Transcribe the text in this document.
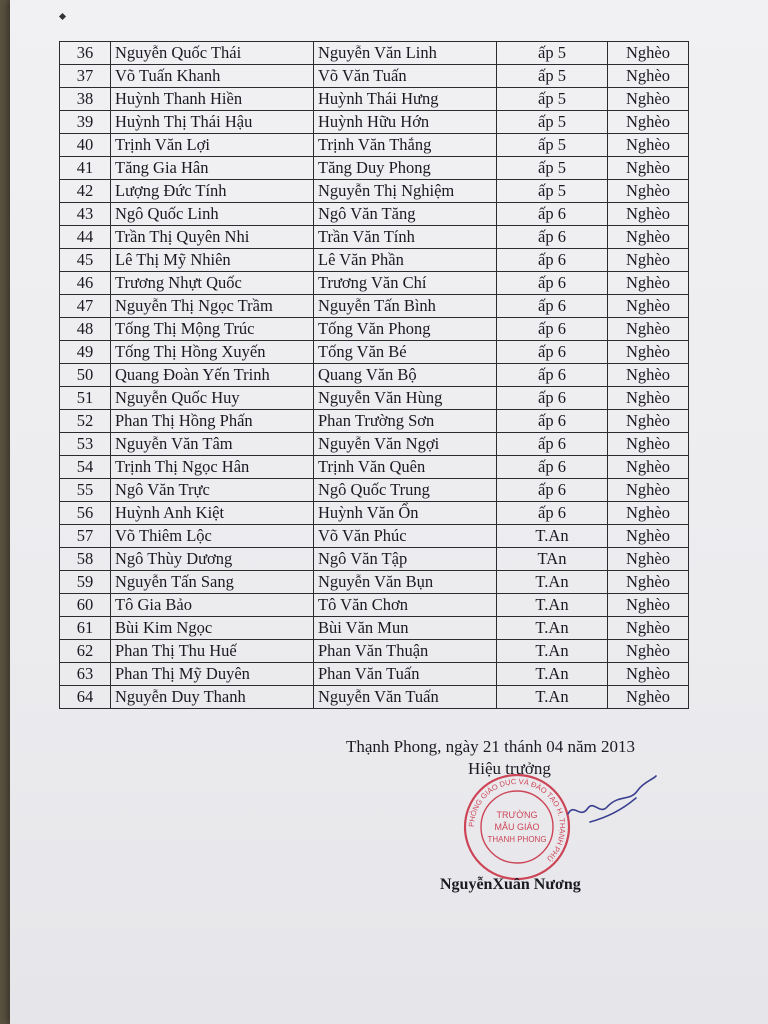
36	Nguyễn Quốc Thái	Nguyễn Văn Linh	ấp 5	Nghèo
37	Võ Tuấn Khanh	Võ Văn Tuấn	ấp 5	Nghèo
38	Huỳnh Thanh Hiền	Huỳnh Thái Hưng	ấp 5	Nghèo
39	Huỳnh Thị Thái Hậu	Huỳnh Hữu Hớn	ấp 5	Nghèo
40	Trịnh Văn Lợi	Trịnh Văn Thắng	ấp 5	Nghèo
41	Tăng Gia Hân	Tăng Duy Phong	ấp 5	Nghèo
42	Lượng Đức Tính	Nguyễn Thị Nghiệm	ấp 5	Nghèo
43	Ngô Quốc Linh	Ngô Văn Tăng	ấp 6	Nghèo
44	Trần Thị Quyên Nhi	Trần Văn Tính	ấp 6	Nghèo
45	Lê Thị Mỹ Nhiên	Lê Văn Phần	ấp 6	Nghèo
46	Trương Nhựt Quốc	Trương Văn Chí	ấp 6	Nghèo
47	Nguyễn Thị Ngọc Trầm	Nguyễn Tấn Bình	ấp 6	Nghèo
48	Tống Thị Mộng Trúc	Tống Văn Phong	ấp 6	Nghèo
49	Tống Thị Hồng Xuyến	Tống Văn Bé	ấp 6	Nghèo
50	Quang Đoàn Yến Trinh	Quang Văn Bộ	ấp 6	Nghèo
51	Nguyễn Quốc Huy	Nguyễn Văn Hùng	ấp 6	Nghèo
52	Phan Thị Hồng Phấn	Phan Trường Sơn	ấp 6	Nghèo
53	Nguyễn Văn Tâm	Nguyễn Văn Ngợi	ấp 6	Nghèo
54	Trịnh Thị Ngọc Hân	Trịnh Văn Quên	ấp 6	Nghèo
55	Ngô Văn Trực	Ngô Quốc Trung	ấp 6	Nghèo
56	Huỳnh Anh Kiệt	Huỳnh Văn Ổn	ấp 6	Nghèo
57	Võ Thiêm Lộc	Võ Văn Phúc	T.An	Nghèo
58	Ngô Thùy Dương	Ngô Văn Tập	TAn	Nghèo
59	Nguyễn Tấn Sang	Nguyễn Văn Bụn	T.An	Nghèo
60	Tô Gia Bảo	Tô Văn Chơn	T.An	Nghèo
61	Bùi Kim Ngọc	Bùi Văn Mun	T.An	Nghèo
62	Phan Thị Thu Huế	Phan Văn Thuận	T.An	Nghèo
63	Phan Thị Mỹ Duyên	Phan Văn Tuấn	T.An	Nghèo
64	Nguyễn Duy Thanh	Nguyễn Văn Tuấn	T.An	Nghèo
Thạnh Phong, ngày 21 thánh 04 năm 2013
Hiệu trưởng
PHÒNG GIÁO DỤC VÀ ĐÀO TẠO H. THẠNH PHÚ
TRƯỜNG
MẪU GIÁO
THẠNH PHONG
NguyễnXuân Nương
